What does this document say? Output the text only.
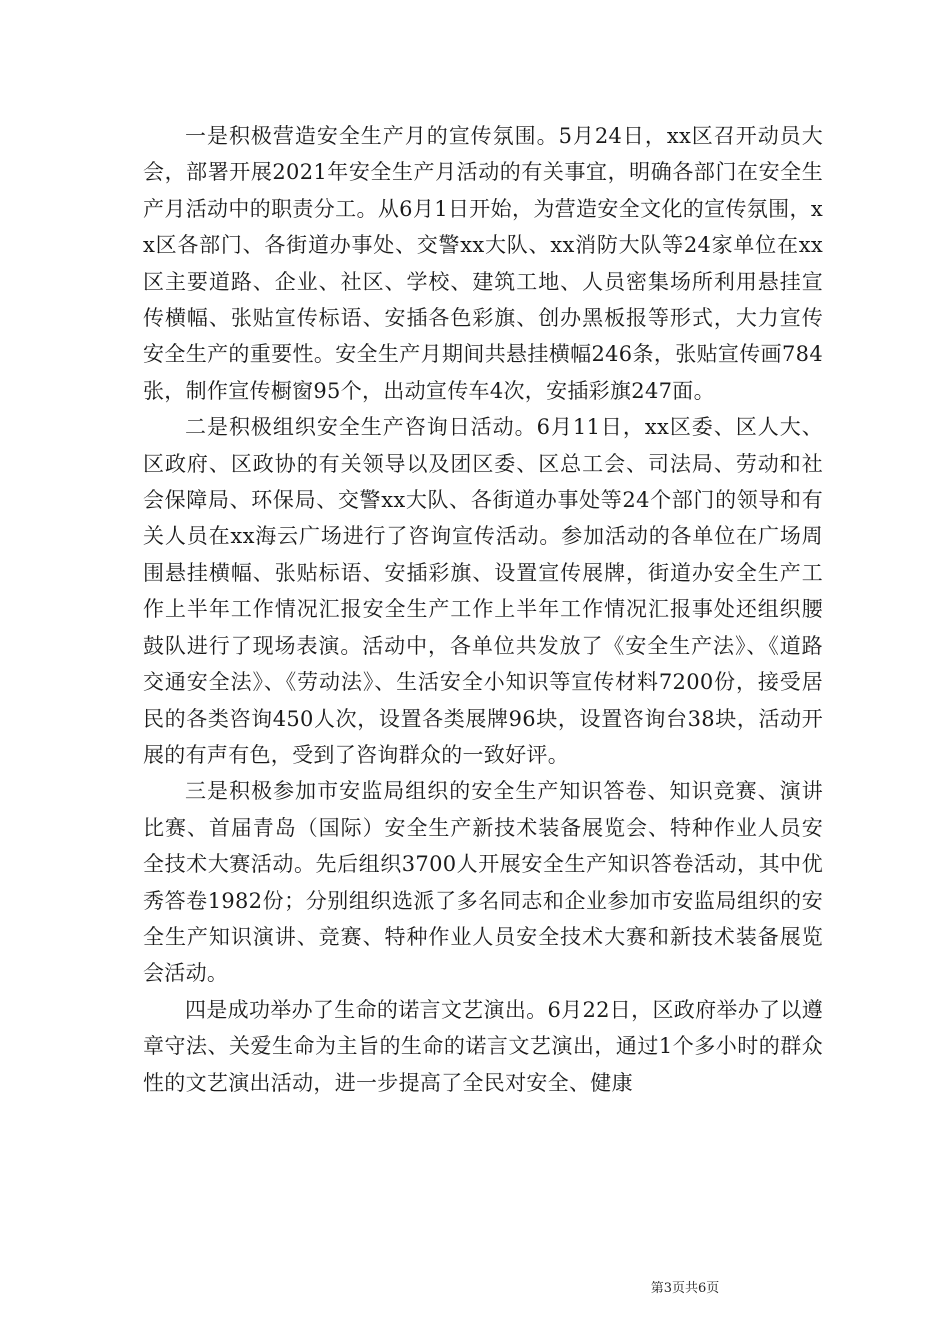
一是积极营造安全生产月的宣传氛围。5月24日，xx区召开动员大会，部署开展2021年安全生产月活动的有关事宜，明确各部门在安全生产月活动中的职责分工。从6月1日开始，为营造安全文化的宣传氛围，xx区各部门、各街道办事处、交警xx大队、xx消防大队等24家单位在xx区主要道路、企业、社区、学校、建筑工地、人员密集场所利用悬挂宣传横幅、张贴宣传标语、安插各色彩旗、创办黑板报等形式，大力宣传安全生产的重要性。安全生产月期间共悬挂横幅246条，张贴宣传画784张，制作宣传橱窗95个，出动宣传车4次，安插彩旗247面。

二是积极组织安全生产咨询日活动。6月11日，xx区委、区人大、区政府、区政协的有关领导以及团区委、区总工会、司法局、劳动和社会保障局、环保局、交警xx大队、各街道办事处等24个部门的领导和有关人员在xx海云广场进行了咨询宣传活动。参加活动的各单位在广场周围悬挂横幅、张贴标语、安插彩旗、设置宣传展牌，街道办安全生产工作上半年工作情况汇报安全生产工作上半年工作情况汇报事处还组织腰鼓队进行了现场表演。活动中，各单位共发放了《安全生产法》、《道路交通安全法》、《劳动法》、生活安全小知识等宣传材料7200份，接受居民的各类咨询450人次，设置各类展牌96块，设置咨询台38块，活动开展的有声有色，受到了咨询群众的一致好评。

三是积极参加市安监局组织的安全生产知识答卷、知识竞赛、演讲比赛、首届青岛（国际）安全生产新技术装备展览会、特种作业人员安全技术大赛活动。先后组织3700人开展安全生产知识答卷活动，其中优秀答卷1982份；分别组织选派了多名同志和企业参加市安监局组织的安全生产知识演讲、竞赛、特种作业人员安全技术大赛和新技术装备展览会活动。

四是成功举办了生命的诺言文艺演出。6月22日，区政府举办了以遵章守法、关爱生命为主旨的生命的诺言文艺演出，通过1个多小时的群众性的文艺演出活动，进一步提高了全民对安全、健康

第3页共6页
